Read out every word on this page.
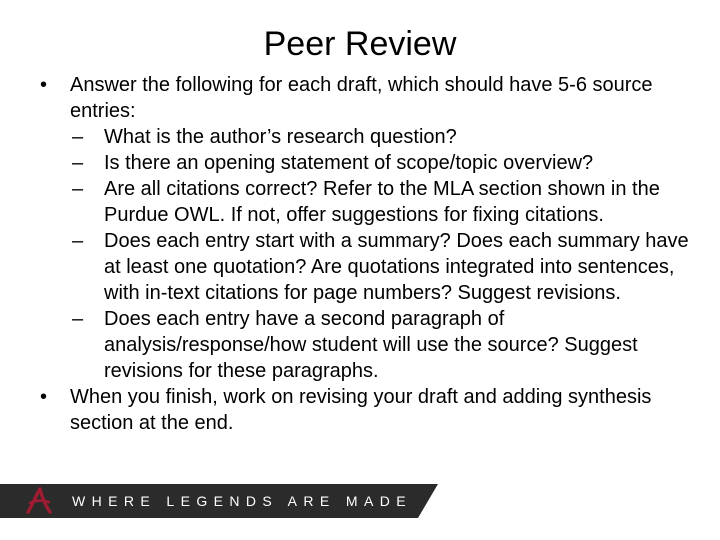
Peer Review

•	Answer the following for each draft, which should have 5-6 source entries:

–	What is the author’s research question?

–	Is there an opening statement of scope/topic overview?

–	Are all citations correct? Refer to the MLA section shown in the Purdue OWL. If not, offer suggestions for fixing citations.

–	Does each entry start with a summary? Does each summary have at least one quotation? Are quotations integrated into sentences, with in-text citations for page numbers? Suggest revisions.

–	Does each entry have a second paragraph of analysis/response/how student will use the source? Suggest revisions for these paragraphs.

•	When you finish, work on revising your draft and adding synthesis section at the end.

WHERE LEGENDS ARE MADE
